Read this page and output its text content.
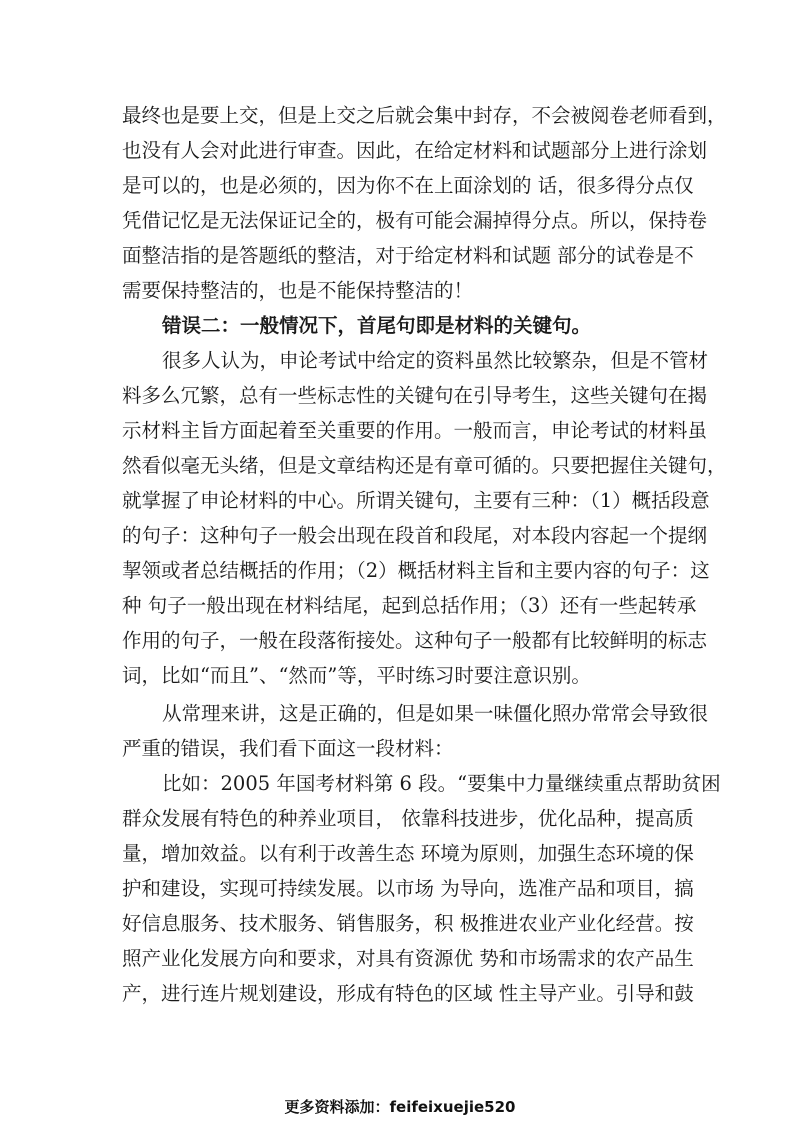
最终也是要上交，但是上交之后就会集中封存，不会被阅卷老师看到，
也没有人会对此进行审查。因此，在给定材料和试题部分上进行涂划
是可以的，也是必须的，因为你不在上面涂划的 话，很多得分点仅
凭借记忆是无法保证记全的，极有可能会漏掉得分点。所以，保持卷
面整洁指的是答题纸的整洁，对于给定材料和试题 部分的试卷是不
需要保持整洁的，也是不能保持整洁的！
错误二：一般情况下，首尾句即是材料的关键句。
很多人认为，申论考试中给定的资料虽然比较繁杂，但是不管材
料多么冗繁，总有一些标志性的关键句在引导考生，这些关键句在揭
示材料主旨方面起着至关重要的作用。一般而言，申论考试的材料虽
然看似毫无头绪，但是文章结构还是有章可循的。只要把握住关键句，
就掌握了申论材料的中心。所谓关键句，主要有三种：（1）概括段意
的句子：这种句子一般会出现在段首和段尾，对本段内容起一个提纲
挈领或者总结概括的作用；（2）概括材料主旨和主要内容的句子：这
种 句子一般出现在材料结尾，起到总括作用；（3）还有一些起转承
作用的句子，一般在段落衔接处。这种句子一般都有比较鲜明的标志
词，比如“而且”、“然而”等，平时练习时要注意识别。
从常理来讲，这是正确的，但是如果一味僵化照办常常会导致很
严重的错误，我们看下面这一段材料：
比如：2005 年国考材料第 6 段。“要集中力量继续重点帮助贫困
群众发展有特色的种养业项目， 依靠科技进步，优化品种，提高质
量，增加效益。以有利于改善生态 环境为原则，加强生态环境的保
护和建设，实现可持续发展。以市场 为导向，选准产品和项目，搞
好信息服务、技术服务、销售服务，积 极推进农业产业化经营。按
照产业化发展方向和要求，对具有资源优 势和市场需求的农产品生
产，进行连片规划建设，形成有特色的区域 性主导产业。引导和鼓
更多资料添加：feifeixuejie520
